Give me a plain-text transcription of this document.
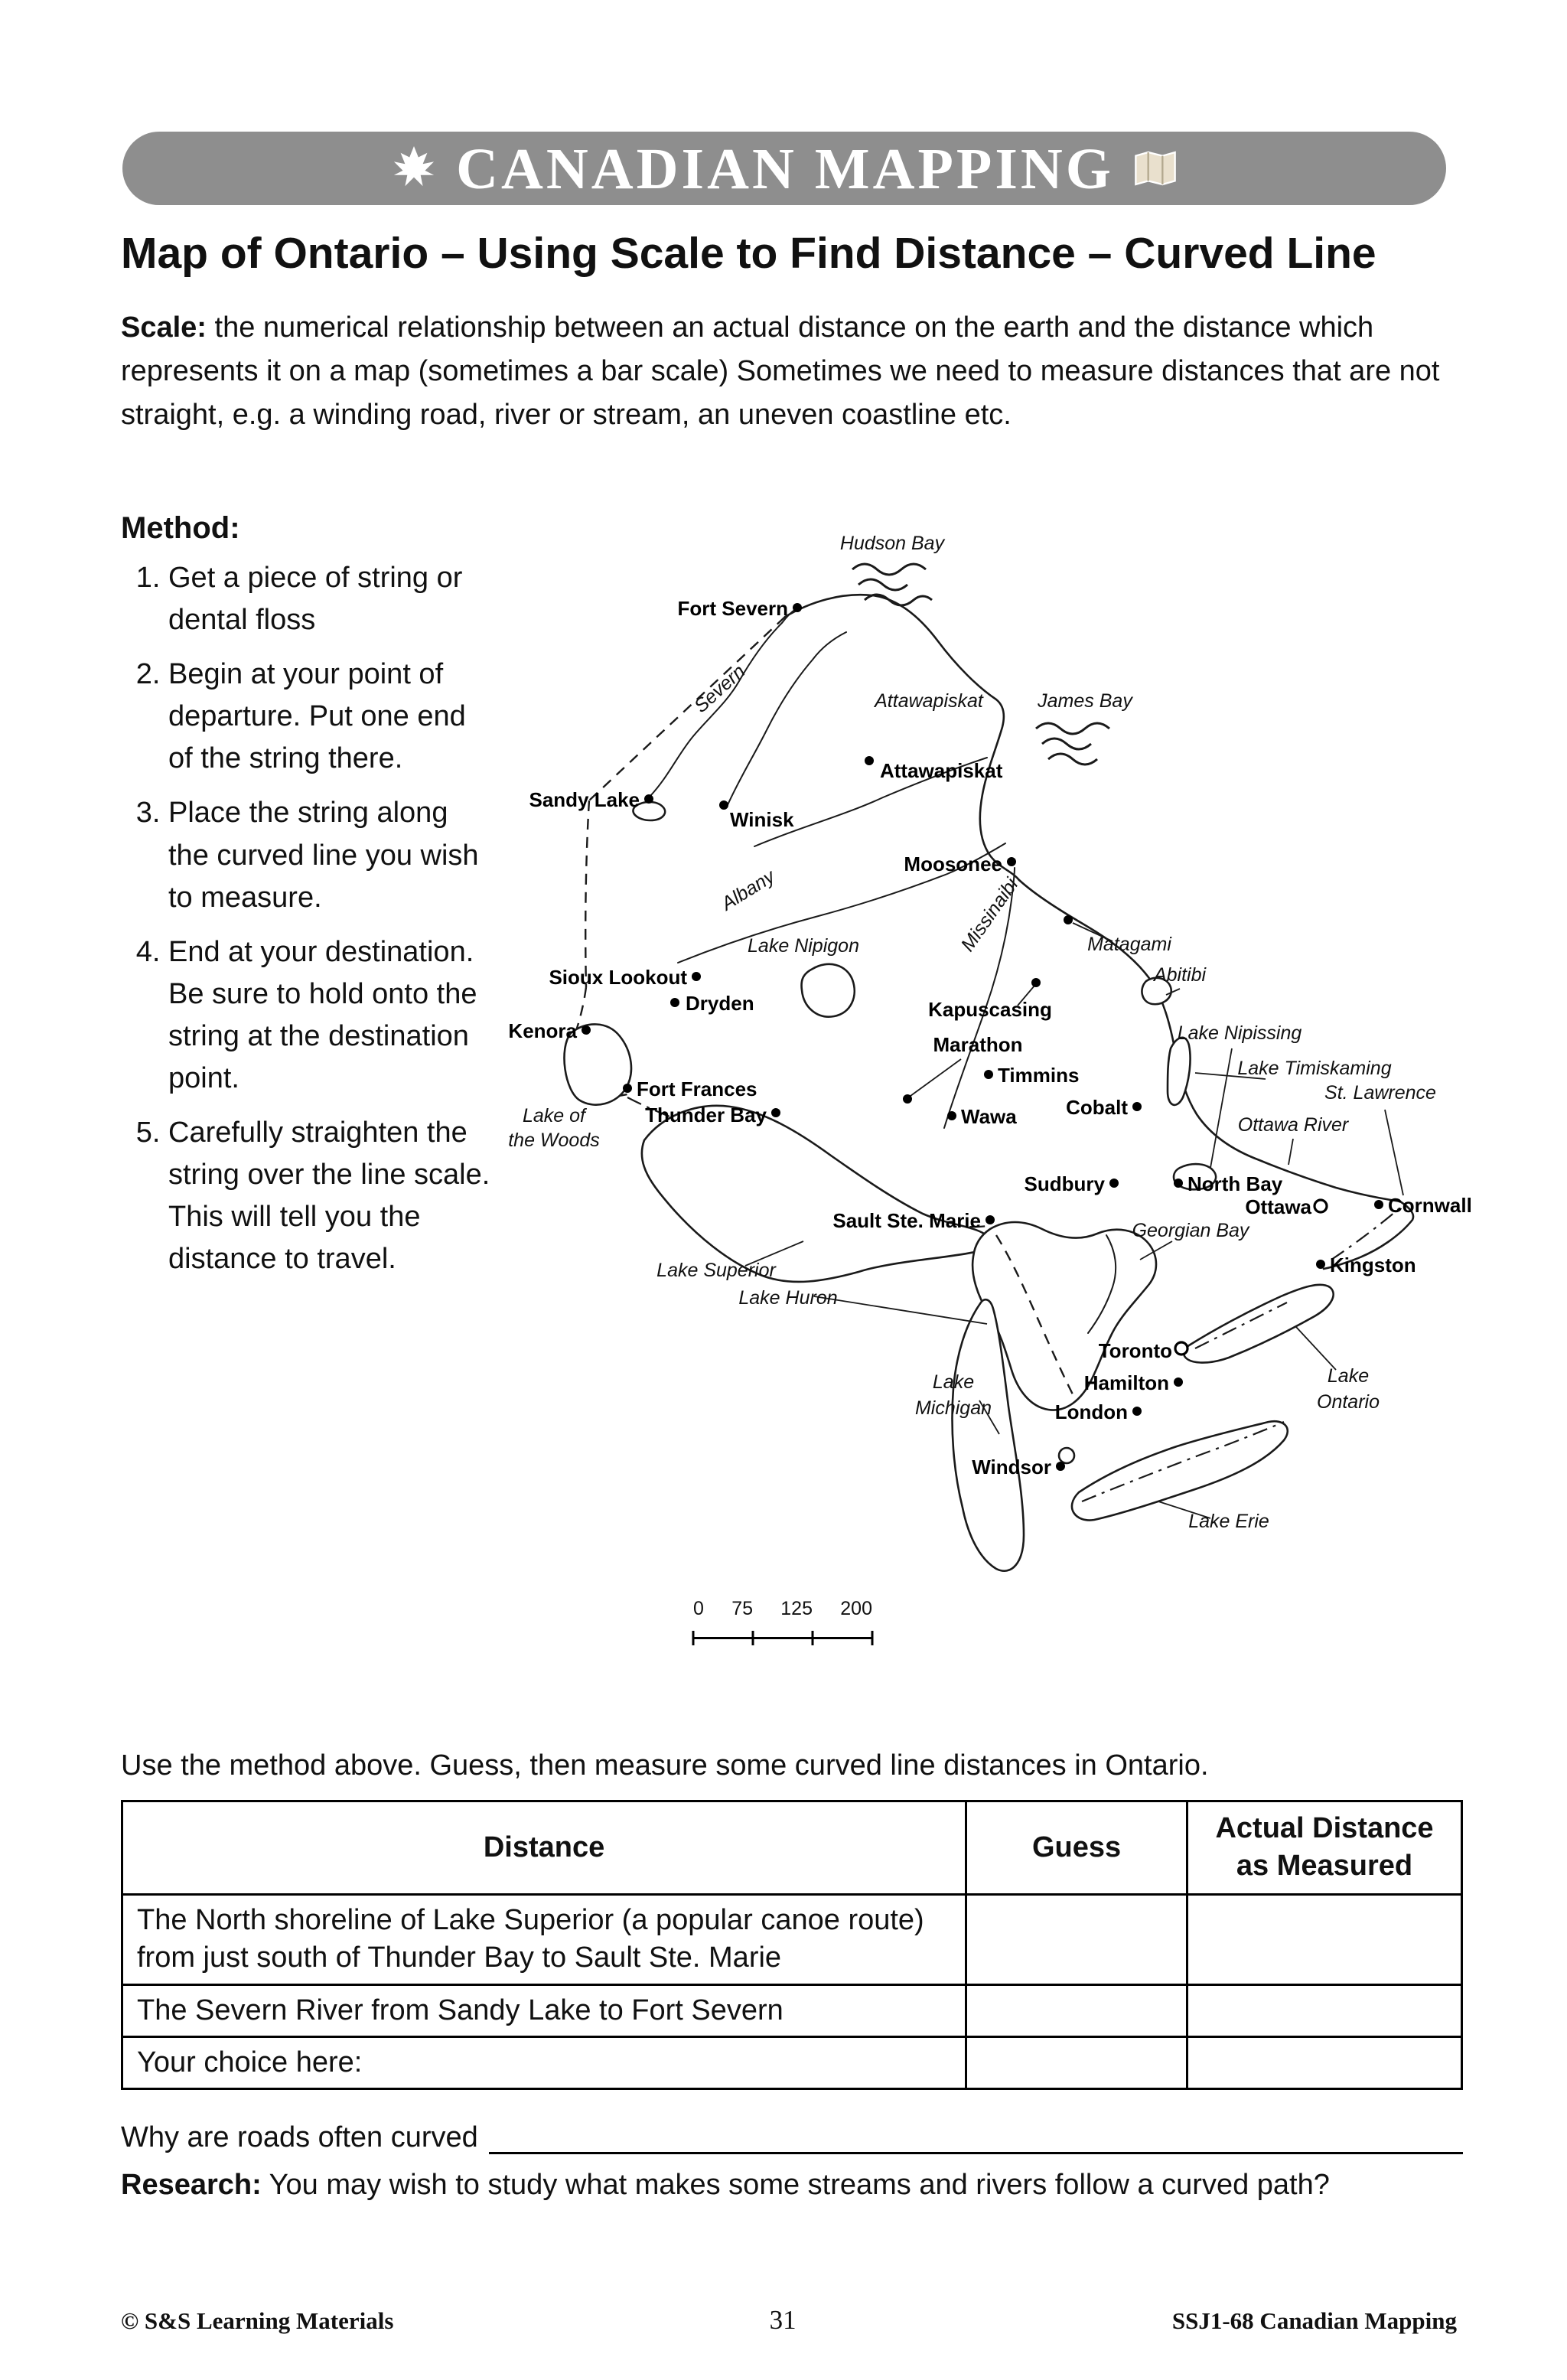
CANADIAN MAPPING
Map of Ontario – Using Scale to Find Distance – Curved Line
Scale: the numerical relationship between an actual distance on the earth and the distance which represents it on a map (sometimes a bar scale) Sometimes we need to measure distances that are not straight, e.g. a winding road, river or stream, an uneven coastline etc.
Method:
1. Get a piece of string or dental floss
2. Begin at your point of departure. Put one end of the string there.
3. Place the string along the curved line you wish to measure.
4. End at your destination. Be sure to hold onto the string at the destination point.
5. Carefully straighten the string over the line scale. This will tell you the distance to travel.
Fort Severn
Sandy Lake
Winisk
Attawapiskat
Moosonee
Sioux Lookout
Dryden
Kenora
Kapuscasing
Marathon
Timmins
Fort Frances
Thunder Bay	Wawa	Cobalt
Sudbury	North Bay
Ottawa	Cornwall
Sault Ste. Marie
Kingston
Toronto
Hamilton
London
Windsor
Hudson Bay
Severn	Attawapiskat	James Bay
Albany	Missinaibi
Lake Nipigon	Matagami
Abitibi
Lake Nipissing
Lake Timiskaming
St. Lawrence
Ottawa River
Lake of
the Woods
Georgian Bay
Lake Superior
Lake Huron
Lake
Michigan
Lake
Ontario
Lake Erie
0 75 125 200
Use the method above. Guess, then measure some curved line distances in Ontario.
Distance	Guess	Actual Distance as Measured
The North shoreline of Lake Superior (a popular canoe route) from just south of Thunder Bay to Sault Ste. Marie		
The Severn River from Sandy Lake to Fort Severn		
Your choice here:		
Why are roads often curved
Research: You may wish to study what makes some streams and rivers follow a curved path?
© S&S Learning Materials	31	SSJ1-68 Canadian Mapping
